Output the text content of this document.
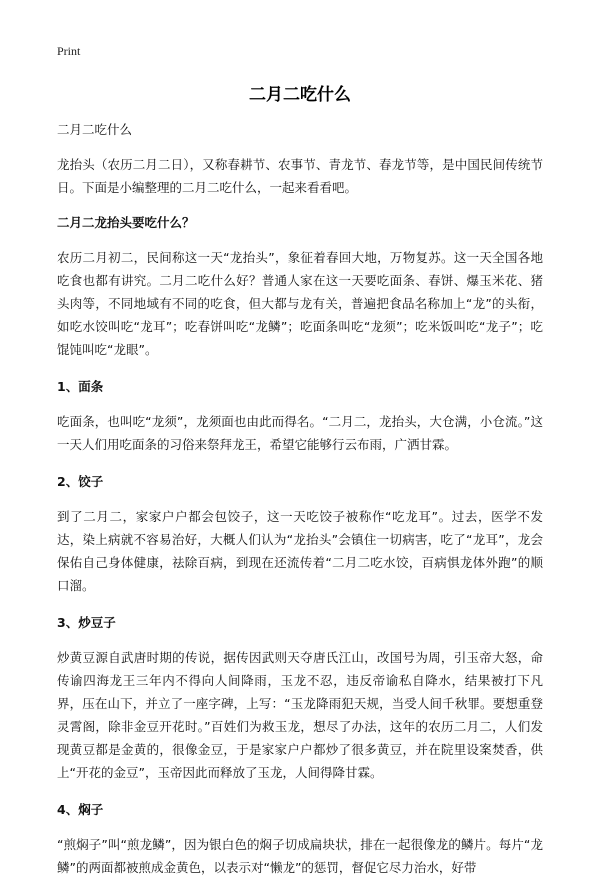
Print
二月二吃什么

二月二吃什么

龙抬头（农历二月二日），又称春耕节、农事节、青龙节、春龙节等，是中国民间传统节日。下面是小编整理的二月二吃什么，一起来看看吧。

二月二龙抬头要吃什么？

农历二月初二，民间称这一天“龙抬头”，象征着春回大地，万物复苏。这一天全国各地吃食也都有讲究。二月二吃什么好？普通人家在这一天要吃面条、春饼、爆玉米花、猪头肉等，不同地域有不同的吃食，但大都与龙有关，普遍把食品名称加上“龙”的头衔，如吃水饺叫吃“龙耳”；吃春饼叫吃“龙鳞”；吃面条叫吃“龙须”；吃米饭叫吃“龙子”；吃馄饨叫吃“龙眼”。

1、面条

吃面条，也叫吃“龙须”，龙须面也由此而得名。“二月二，龙抬头，大仓满，小仓流。”这一天人们用吃面条的习俗来祭拜龙王，希望它能够行云布雨，广洒甘霖。

2、饺子

到了二月二，家家户户都会包饺子，这一天吃饺子被称作“吃龙耳”。过去，医学不发达，染上病就不容易治好，大概人们认为“龙抬头”会镇住一切病害，吃了“龙耳”，龙会保佑自己身体健康，祛除百病，到现在还流传着“二月二吃水饺，百病惧龙体外跑”的顺口溜。

3、炒豆子

炒黄豆源自武唐时期的传说，据传因武则天夺唐氏江山，改国号为周，引玉帝大怒，命传谕四海龙王三年内不得向人间降雨，玉龙不忍，违反帝谕私自降水，结果被打下凡界，压在山下，并立了一座字碑，上写：“玉龙降雨犯天规，当受人间千秋罪。要想重登灵霄阁，除非金豆开花时。”百姓们为救玉龙，想尽了办法，这年的农历二月二，人们发现黄豆都是金黄的，很像金豆，于是家家户户都炒了很多黄豆，并在院里设案焚香，供上“开花的金豆”，玉帝因此而释放了玉龙，人间得降甘霖。

4、焖子

“煎焖子”叫“煎龙鳞”，因为银白色的焖子切成扁块状，排在一起很像龙的鳞片。每片“龙鳞”的两面都被煎成金黄色，以表示对“懒龙”的惩罚，督促它尽力治水，好带
